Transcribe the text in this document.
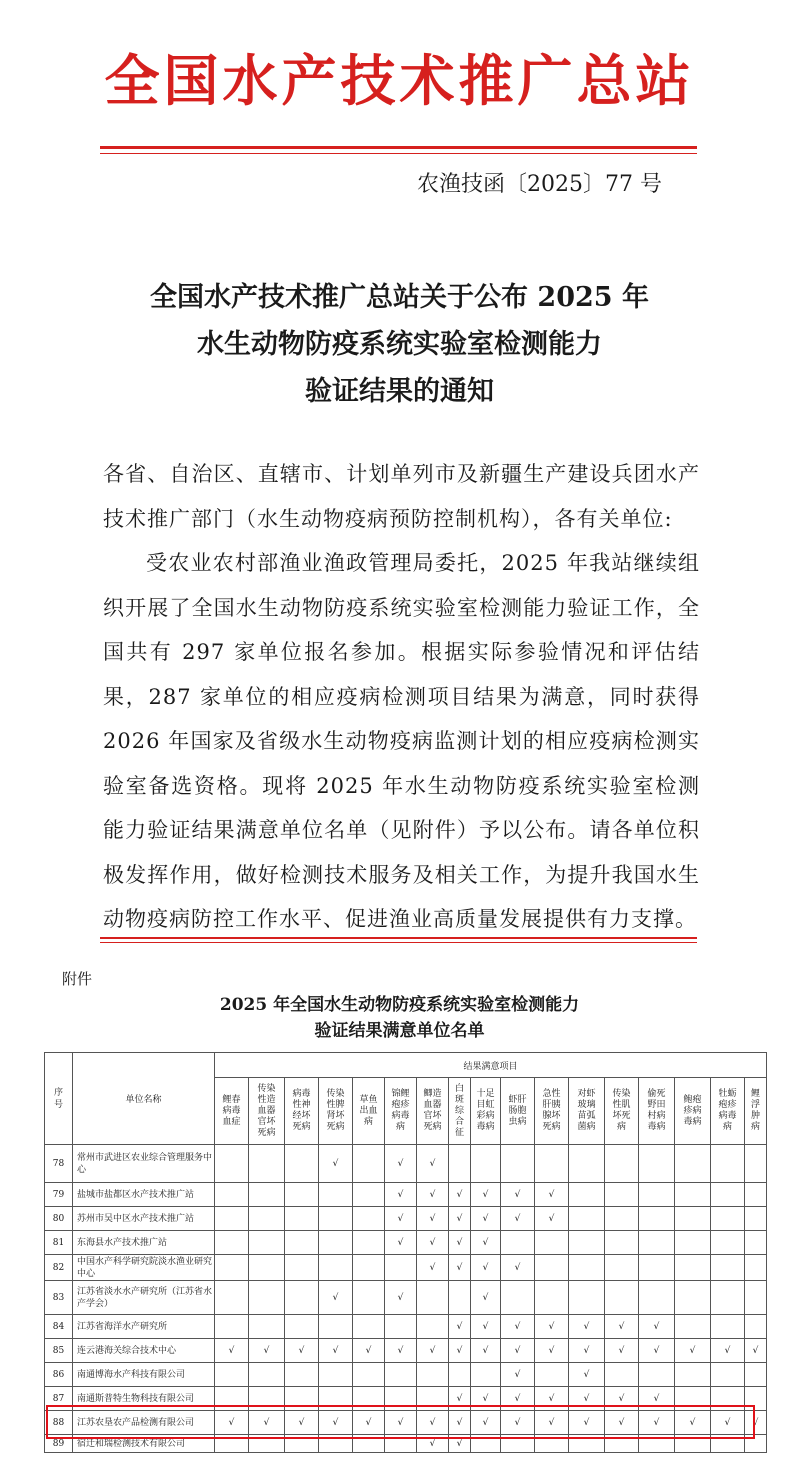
全国水产技术推广总站
农渔技函〔2025〕77 号
全国水产技术推广总站关于公布 2025 年
水生动物防疫系统实验室检测能力
验证结果的通知

各省、自治区、直辖市、计划单列市及新疆生产建设兵团水产技术推广部门（水生动物疫病预防控制机构），各有关单位:

受农业农村部渔业渔政管理局委托，2025 年我站继续组织开展了全国水生动物防疫系统实验室检测能力验证工作，全国共有 297 家单位报名参加。根据实际参验情况和评估结果，287 家单位的相应疫病检测项目结果为满意，同时获得 2026 年国家及省级水生动物疫病监测计划的相应疫病检测实验室备选资格。现将 2025 年水生动物防疫系统实验室检测能力验证结果满意单位名单（见附件）予以公布。请各单位积极发挥作用，做好检测技术服务及相关工作，为提升我国水生动物疫病防控工作水平、促进渔业高质量发展提供有力支撑。

附件
2025 年全国水生动物防疫系统实验室检测能力
验证结果满意单位名单
序号	单位名称	结果满意项目																

		鲤春病毒血症	传染性造血器官坏死病	病毒性神经坏死病	传染性脾肾坏死病	草鱼出血病	锦鲤疱疹病毒病	鲫造血器官坏死病	白斑综合征	十足目虹彩病毒病	虾肝肠胞虫病	急性肝胰腺坏死病	对虾玻璃苗弧菌病	传染性肌坏死病	偷死野田村病毒病	鲍疱疹病毒病	牡蛎疱疹病毒病	鲤浮肿病

78	常州市武进区农业综合管理服务中心				√		√	√										
79	盐城市盐都区水产技术推广站						√	√	√	√	√	√						
80	苏州市吴中区水产技术推广站						√	√	√	√	√	√						
81	东海县水产技术推广站						√	√	√	√								
82	中国水产科学研究院淡水渔业研究中心							√	√	√	√							
83	江苏省淡水水产研究所（江苏省水产学会）				√		√			√								
84	江苏省海洋水产研究所								√	√	√	√	√	√	√			
85	连云港海关综合技术中心	√	√	√	√	√	√	√	√	√	√	√	√	√	√	√	√	√
86	南通博海水产科技有限公司										√		√					
87	南通斯普特生物科技有限公司								√	√	√	√	√	√	√			
88	江苏农垦农产品检测有限公司	√	√	√	√	√	√	√	√	√	√	√	√	√	√	√	√	√
89	宿迁和瑞检测技术有限公司							√	√									
